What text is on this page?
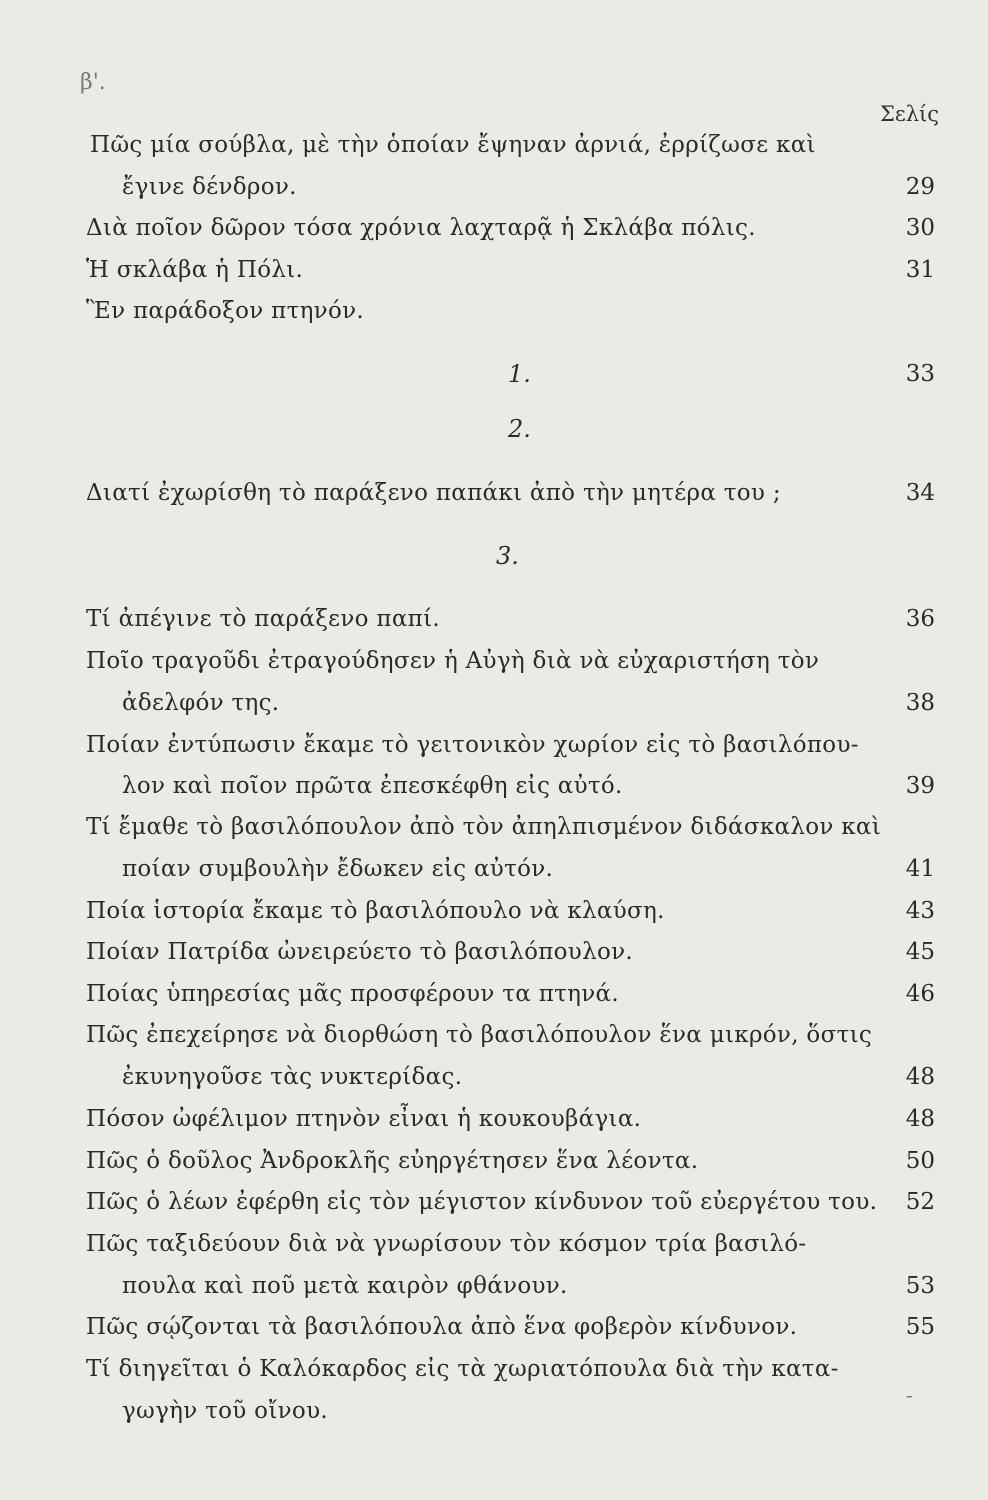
β'.
Σελίς
Πῶς μία σούβλα, μὲ τὴν ὁποίαν ἔψηναν ἀρνιά, ἐρρίζωσε καὶ
ἔγινε δένδρον.	29
Διὰ ποῖον δῶρον τόσα χρόνια λαχταρᾷ ἡ Σκλάβα πόλις.	30
Ἡ σκλάβα ἡ Πόλι.	31
Ἓν παράδοξον πτηνόν.
1.	33
2.
Διατί ἐχωρίσθη τὸ παράξενο παπάκι ἀπὸ τὴν μητέρα του ;	34
3.
Τί ἀπέγινε τὸ παράξενο παπί.	36
Ποῖο τραγοῦδι ἐτραγούδησεν ἡ Αὐγὴ διὰ νὰ εὐχαριστήση τὸν
ἀδελφόν της.	38
Ποίαν ἐντύπωσιν ἔκαμε τὸ γειτονικὸν χωρίον εἰς τὸ βασιλόπου-
λον καὶ ποῖον πρῶτα ἐπεσκέφθη εἰς αὐτό.	39
Τί ἔμαθε τὸ βασιλόπουλον ἀπὸ τὸν ἀπηλπισμένον διδάσκαλον καὶ
ποίαν συμβουλὴν ἔδωκεν εἰς αὐτόν.	41
Ποία ἱστορία ἔκαμε τὸ βασιλόπουλο νὰ κλαύση.	43
Ποίαν Πατρίδα ὠνειρεύετο τὸ βασιλόπουλον.	45
Ποίας ὑπηρεσίας μᾶς προσφέρουν τα πτηνά.	46
Πῶς ἐπεχείρησε νὰ διορθώση τὸ βασιλόπουλον ἕνα μικρόν, ὅστις
ἐκυνηγοῦσε τὰς νυκτερίδας.	48
Πόσον ὠφέλιμον πτηνὸν εἶναι ἡ κουκουβάγια.	48
Πῶς ὁ δοῦλος Ἀνδροκλῆς εὐηργέτησεν ἕνα λέοντα.	50
Πῶς ὁ λέων ἐφέρθη εἰς τὸν μέγιστον κίνδυνον τοῦ εὐεργέτου του.	52
Πῶς ταξιδεύουν διὰ νὰ γνωρίσουν τὸν κόσμον τρία βασιλό-
πουλα καὶ ποῦ μετὰ καιρὸν φθάνουν.	53
Πῶς σῴζονται τὰ βασιλόπουλα ἀπὸ ἕνα φοβερὸν κίνδυνον.	55
Τί διηγεῖται ὁ Καλόκαρδος εἰς τὰ χωριατόπουλα διὰ τὴν κατα-
γωγὴν τοῦ οἴνου.
-
